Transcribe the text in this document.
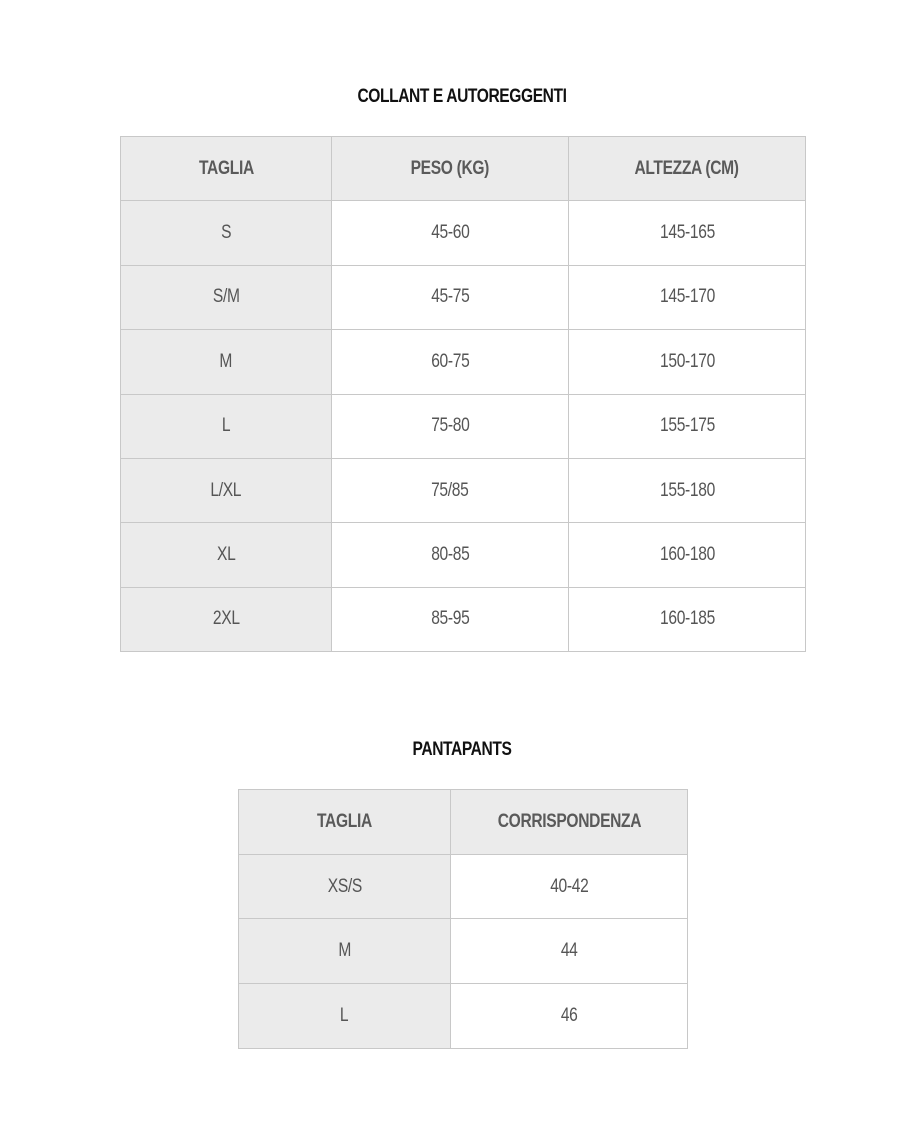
COLLANT E AUTOREGGENTI
TAGLIA	PESO (KG)	ALTEZZA (CM)
S	45-60	145-165
S/M	45-75	145-170
M	60-75	150-170
L	75-80	155-175
L/XL	75/85	155-180
XL	80-85	160-180
2XL	85-95	160-185
PANTAPANTS
TAGLIA	CORRISPONDENZA
XS/S	40-42
M	44
L	46
